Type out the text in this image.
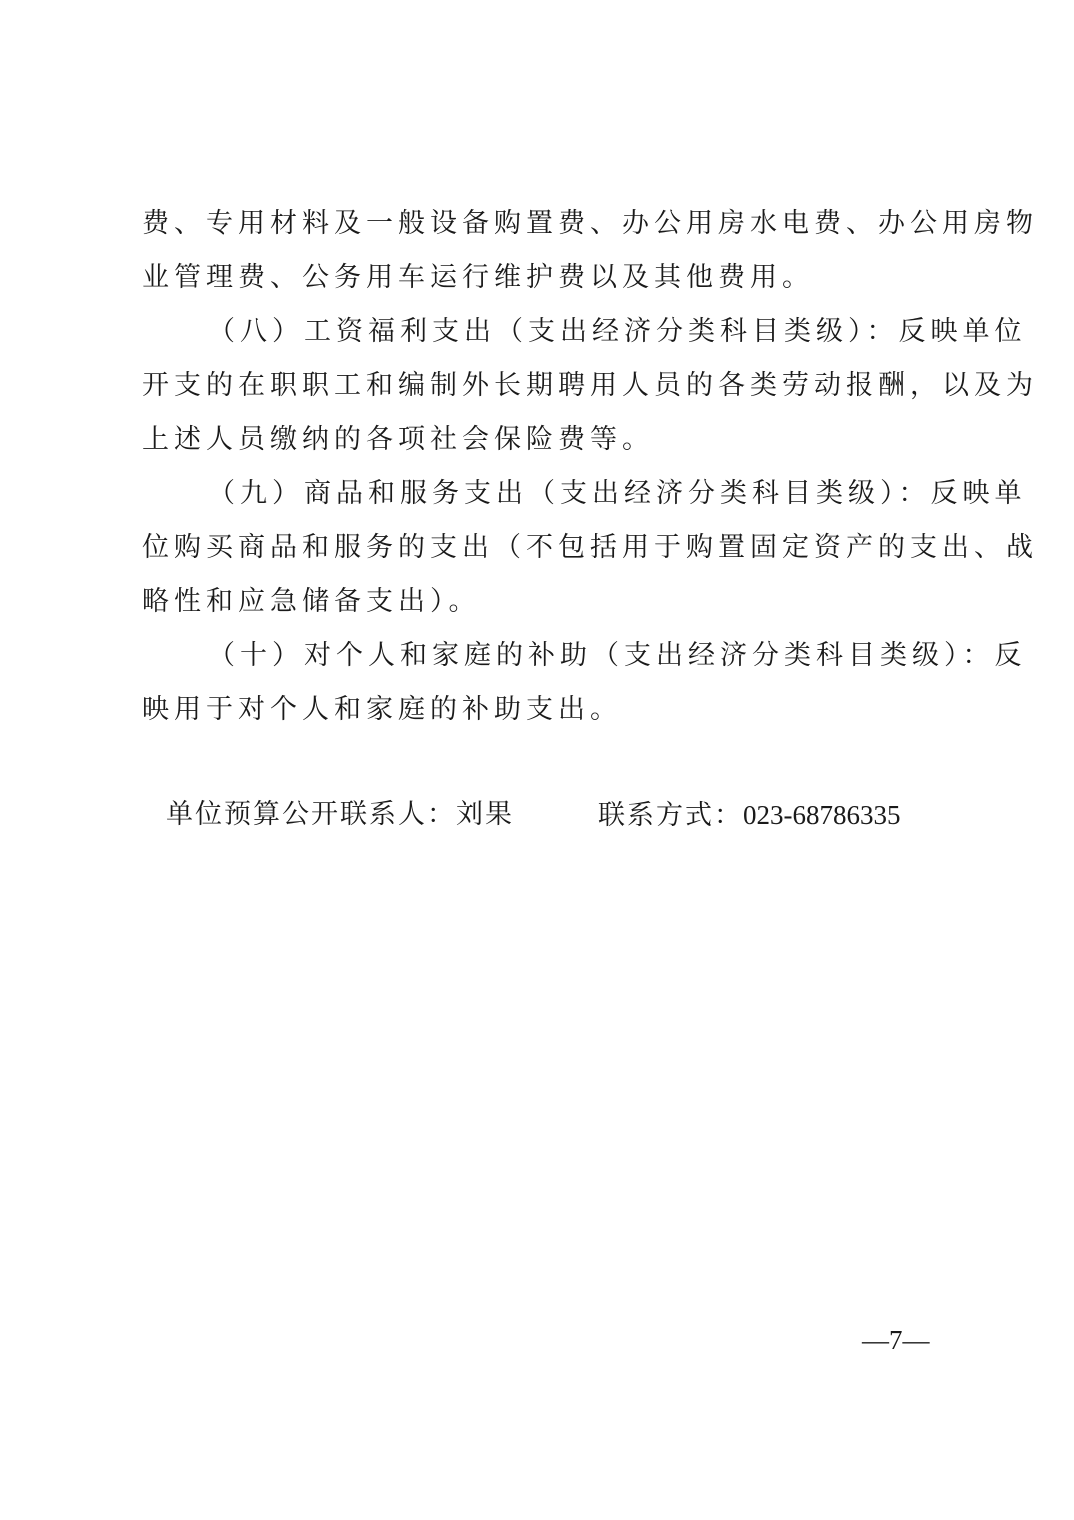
费、专用材料及一般设备购置费、办公用房水电费、办公用房物
业管理费、公务用车运行维护费以及其他费用。
（八）工资福利支出（支出经济分类科目类级）：反映单位
开支的在职职工和编制外长期聘用人员的各类劳动报酬，以及为
上述人员缴纳的各项社会保险费等。
（九）商品和服务支出（支出经济分类科目类级）：反映单
位购买商品和服务的支出（不包括用于购置固定资产的支出、战
略性和应急储备支出）。
（十）对个人和家庭的补助（支出经济分类科目类级）：反
映用于对个人和家庭的补助支出。
单位预算公开联系人：刘果	联系方式：023-68786335
—7—
